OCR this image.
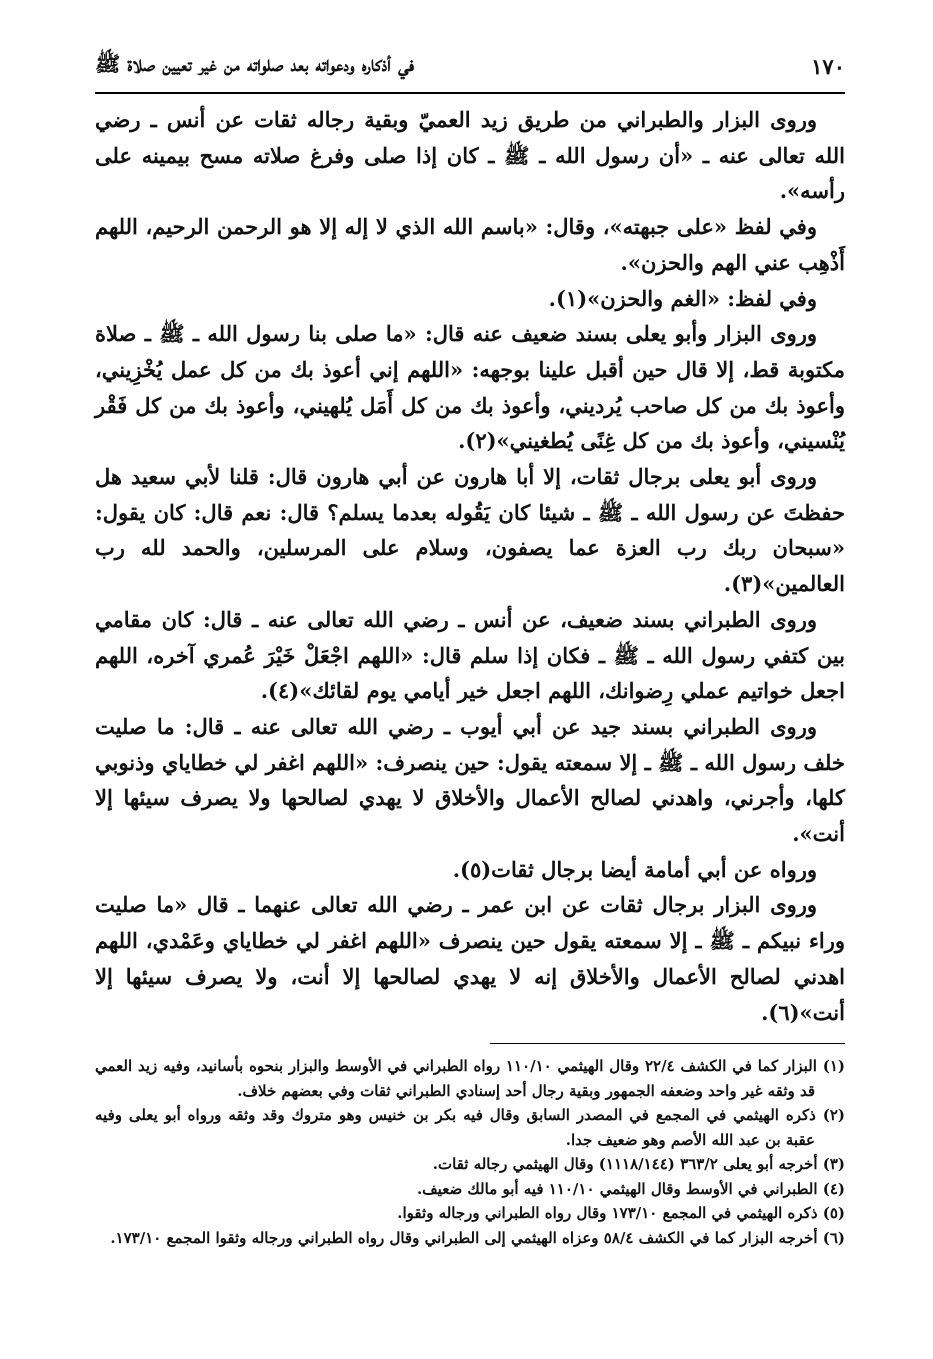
١٧٠
في أذكاره ودعواته بعد صلواته من غير تعيين صلاة ﷺ

وروى البزار والطبراني من طريق زيد العميّ وبقية رجاله ثقات عن أنس ـ رضي الله تعالى عنه ـ «أن رسول الله ـ ﷺ ـ كان إذا صلى وفرغ صلاته مسح بيمينه على رأسه».

وفي لفظ «على جبهته»، وقال: «باسم الله الذي لا إله إلا هو الرحمن الرحيم، اللهم أَذْهِب عني الهم والحزن».

وفي لفظ: «الغم والحزن»(١).

وروى البزار وأبو يعلى بسند ضعيف عنه قال: «ما صلى بنا رسول الله ـ ﷺ ـ صلاة مكتوبة قط، إلا قال حين أقبل علينا بوجهه: «اللهم إني أعوذ بك من كل عمل يُخْزِيني، وأعوذ بك من كل صاحب يُرديني، وأعوذ بك من كل أَمَل يُلهيني، وأعوذ بك من كل فَقْر يُنْسيني، وأعوذ بك من كل غِنًى يُطغيني»(٢).

وروى أبو يعلى برجال ثقات، إلا أبا هارون عن أبي هارون قال: قلنا لأبي سعيد هل حفظتَ عن رسول الله ـ ﷺ ـ شيئا كان يَقُوله بعدما يسلم؟ قال: نعم قال: كان يقول: «سبحان ربك رب العزة عما يصفون، وسلام على المرسلين، والحمد لله رب العالمين»(٣).

وروى الطبراني بسند ضعيف، عن أنس ـ رضي الله تعالى عنه ـ قال: كان مقامي بين كتفي رسول الله ـ ﷺ ـ فكان إذا سلم قال: «اللهم اجْعَلْ خَيْرَ عُمري آخره، اللهم اجعل خواتيم عملي رِضوانك، اللهم اجعل خير أيامي يوم لقائك»(٤).

وروى الطبراني بسند جيد عن أبي أيوب ـ رضي الله تعالى عنه ـ قال: ما صليت خلف رسول الله ـ ﷺ ـ إلا سمعته يقول: حين ينصرف: «اللهم اغفر لي خطاياي وذنوبي كلها، وأجرني، واهدني لصالح الأعمال والأخلاق لا يهدي لصالحها ولا يصرف سيئها إلا أنت».

ورواه عن أبي أمامة أيضا برجال ثقات(٥).

وروى البزار برجال ثقات عن ابن عمر ـ رضي الله تعالى عنهما ـ قال «ما صليت وراء نبيكم ـ ﷺ ـ إلا سمعته يقول حين ينصرف «اللهم اغفر لي خطاياي وعَمْدي، اللهم اهدني لصالح الأعمال والأخلاق إنه لا يهدي لصالحها إلا أنت، ولا يصرف سيئها إلا أنت»(٦).

(١) البزار كما في الكشف ٢٢/٤ وقال الهيثمي ١١٠/١٠ رواه الطبراني في الأوسط والبزار بنحوه بأسانيد، وفيه زيد العمي قد وثقه غير واحد وضعفه الجمهور وبقية رجال أحد إسنادي الطبراني ثقات وفي بعضهم خلاف.

(٢) ذكره الهيثمي في المجمع في المصدر السابق وقال فيه بكر بن خنيس وهو متروك وقد وثقه ورواه أبو يعلى وفيه عقبة بن عبد الله الأصم وهو ضعيف جدا.

(٣) أخرجه أبو يعلى ٣٦٣/٢ (١١١٨/١٤٤) وقال الهيثمي رجاله ثقات.

(٤) الطبراني في الأوسط وقال الهيثمي ١١٠/١٠ فيه أبو مالك ضعيف.

(٥) ذكره الهيثمي في المجمع ١٧٣/١٠ وقال رواه الطبراني ورجاله وثقوا.

(٦) أخرجه البزار كما في الكشف ٥٨/٤ وعزاه الهيثمي إلى الطبراني وقال رواه الطبراني ورجاله وثقوا المجمع ١٧٣/١٠.
